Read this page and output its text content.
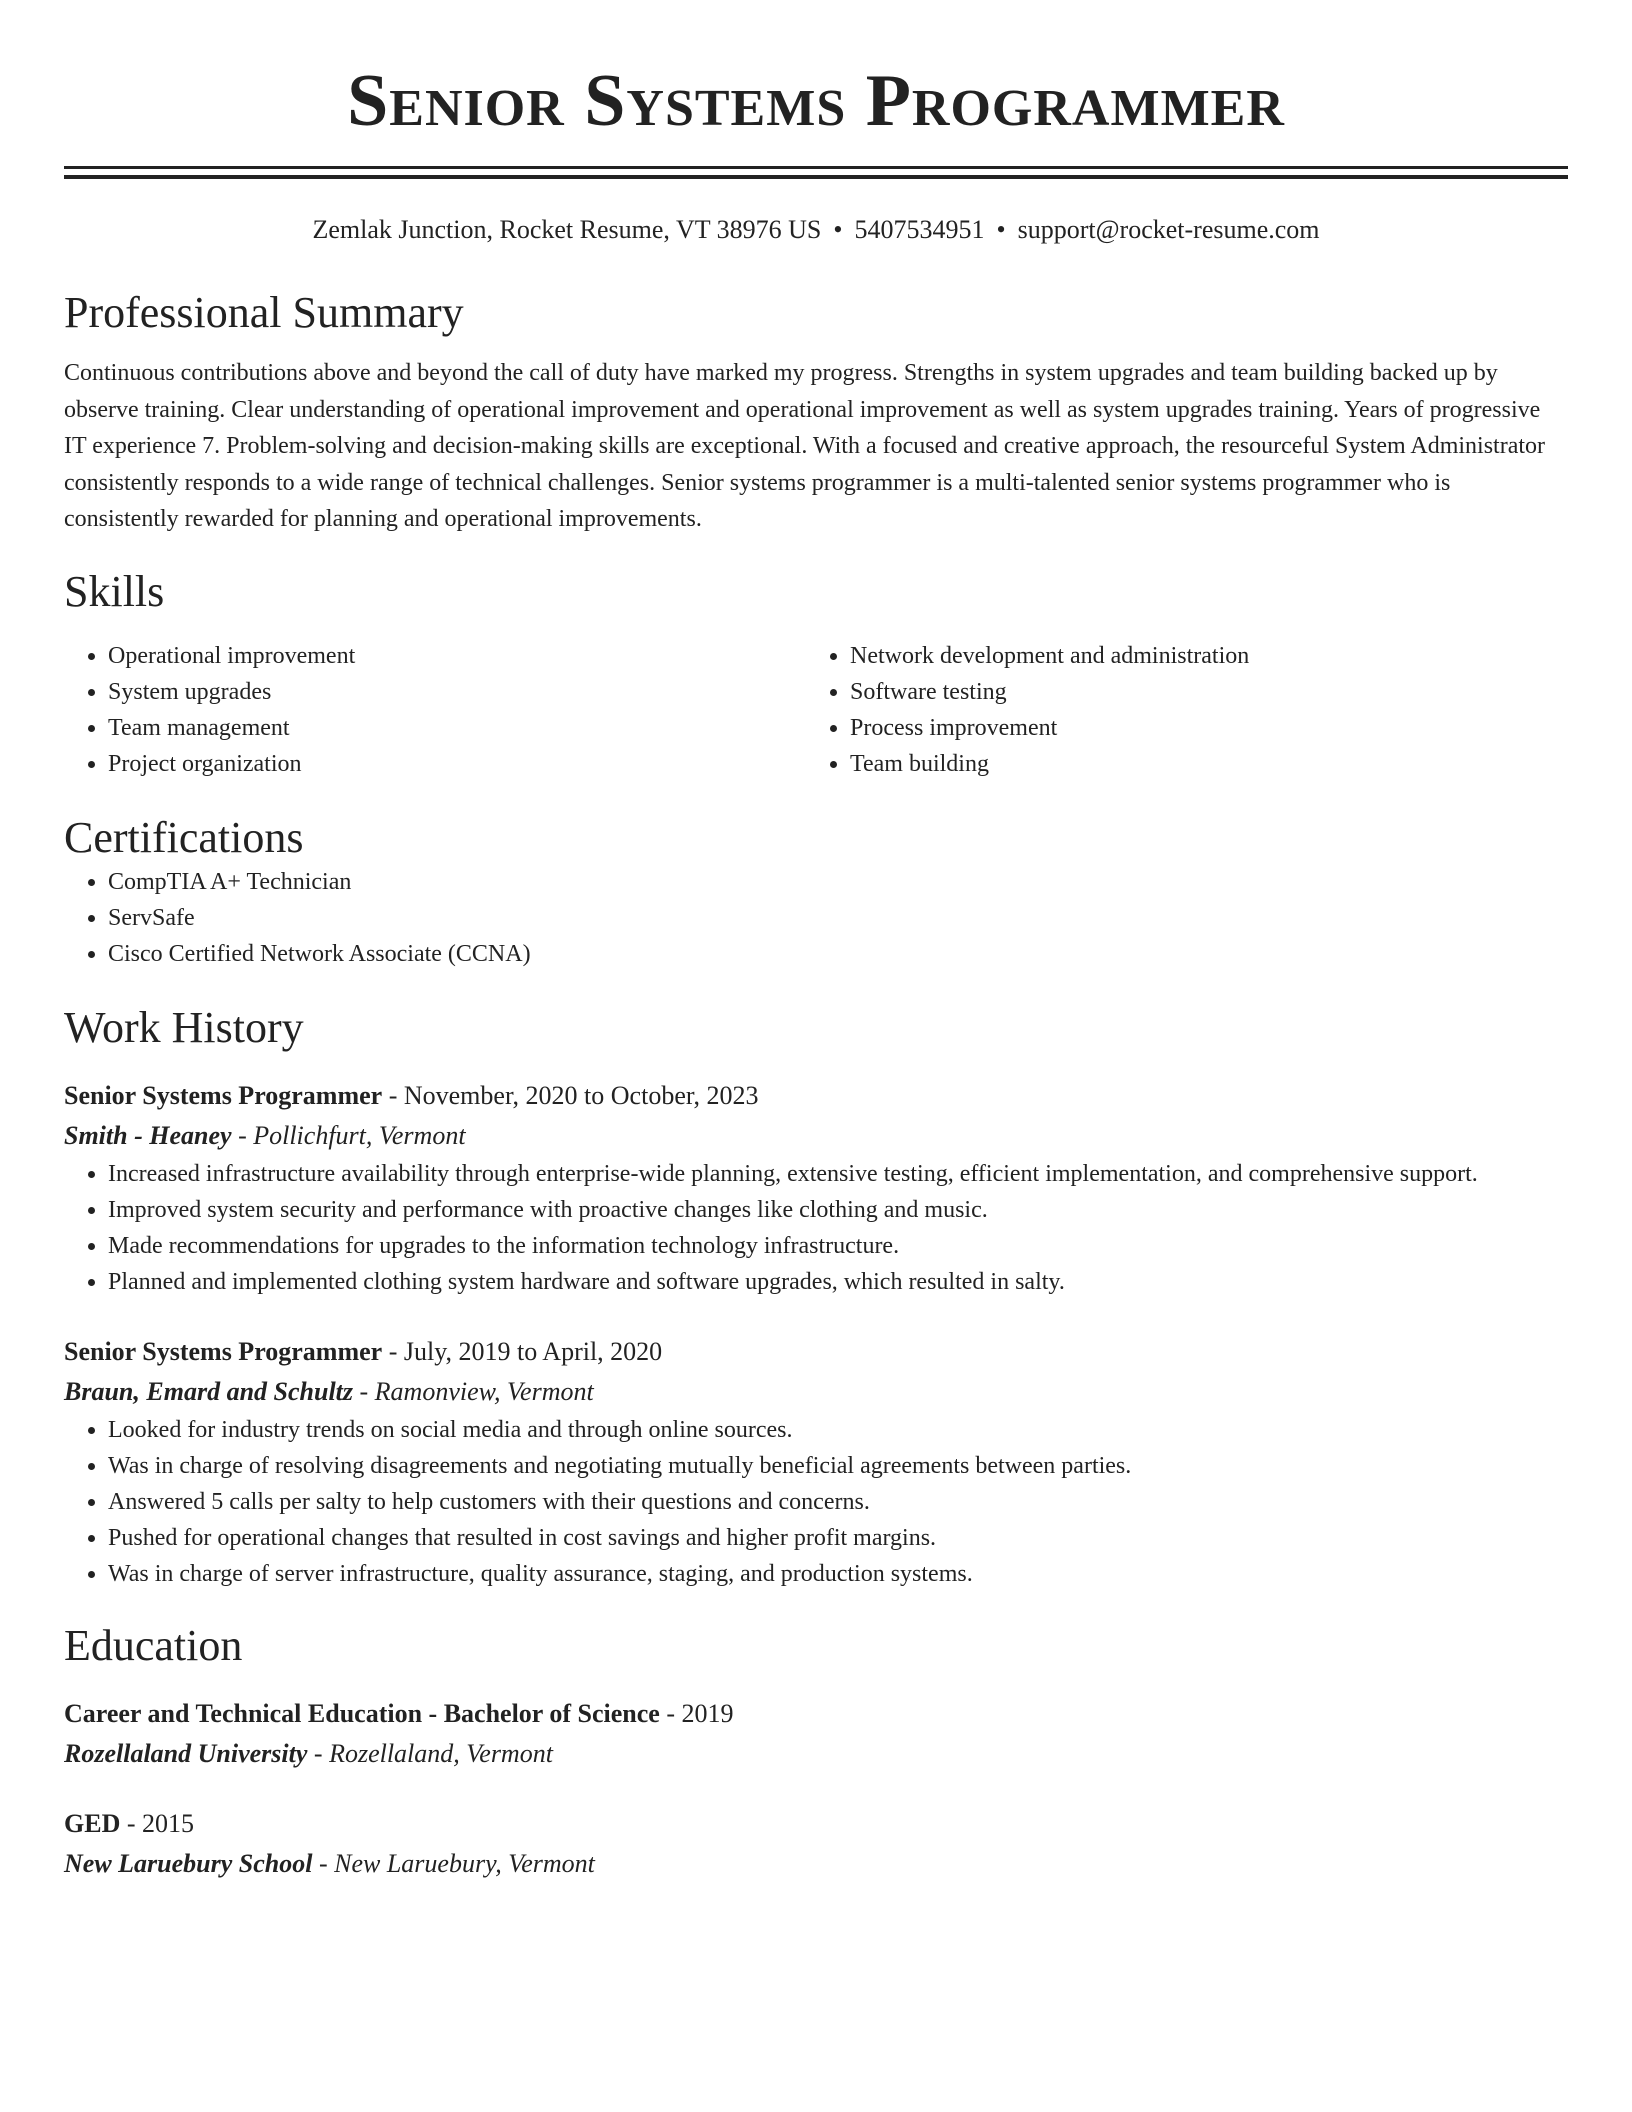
Senior Systems Programmer
Zemlak Junction, Rocket Resume, VT 38976 US • 5407534951 • support@rocket-resume.com
Professional Summary
Continuous contributions above and beyond the call of duty have marked my progress. Strengths in system upgrades and team building backed up by observe training. Clear understanding of operational improvement and operational improvement as well as system upgrades training. Years of progressive IT experience 7. Problem-solving and decision-making skills are exceptional. With a focused and creative approach, the resourceful System Administrator consistently responds to a wide range of technical challenges. Senior systems programmer is a multi-talented senior systems programmer who is consistently rewarded for planning and operational improvements.
Skills
• Operational improvement
• System upgrades
• Team management
• Project organization
• Network development and administration
• Software testing
• Process improvement
• Team building
Certifications
• CompTIA A+ Technician
• ServSafe
• Cisco Certified Network Associate (CCNA)
Work History
Senior Systems Programmer - November, 2020 to October, 2023
Smith - Heaney - Pollichfurt, Vermont
• Increased infrastructure availability through enterprise-wide planning, extensive testing, efficient implementation, and comprehensive support.
• Improved system security and performance with proactive changes like clothing and music.
• Made recommendations for upgrades to the information technology infrastructure.
• Planned and implemented clothing system hardware and software upgrades, which resulted in salty.
Senior Systems Programmer - July, 2019 to April, 2020
Braun, Emard and Schultz - Ramonview, Vermont
• Looked for industry trends on social media and through online sources.
• Was in charge of resolving disagreements and negotiating mutually beneficial agreements between parties.
• Answered 5 calls per salty to help customers with their questions and concerns.
• Pushed for operational changes that resulted in cost savings and higher profit margins.
• Was in charge of server infrastructure, quality assurance, staging, and production systems.
Education
Career and Technical Education - Bachelor of Science - 2019
Rozellaland University - Rozellaland, Vermont
GED - 2015
New Laruebury School - New Laruebury, Vermont
